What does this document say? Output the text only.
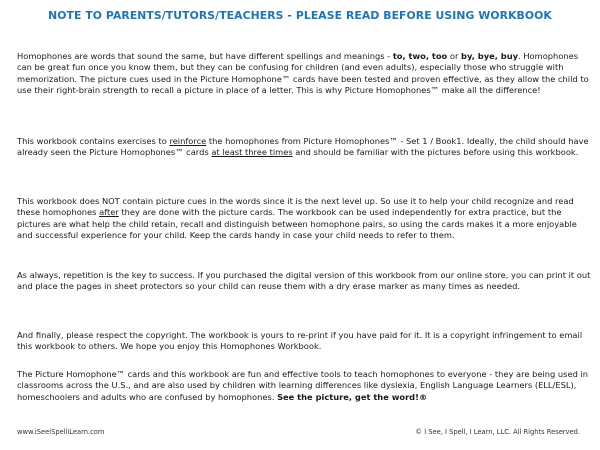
NOTE TO PARENTS/TUTORS/TEACHERS - PLEASE READ BEFORE USING WORKBOOK

Homophones are words that sound the same, but have different spellings and meanings - to, two, too or by, bye, buy. Homophones can be great fun once you know them, but they can be confusing for children (and even adults), especially those who struggle with memorization. The picture cues used in the Picture Homophone™ cards have been tested and proven effective, as they allow the child to use their right-brain strength to recall a picture in place of a letter. This is why Picture Homophones™ make all the difference!

This workbook contains exercises to reinforce the homophones from Picture Homophones™ - Set 1 / Book1. Ideally, the child should have already seen the Picture Homophones™ cards at least three times and should be familiar with the pictures before using this workbook.

This workbook does NOT contain picture cues in the words since it is the next level up. So use it to help your child recognize and read these homophones after they are done with the picture cards. The workbook can be used independently for extra practice, but the pictures are what help the child retain, recall and distinguish between homophone pairs, so using the cards makes it a more enjoyable and successful experience for your child. Keep the cards handy in case your child needs to refer to them.

As always, repetition is the key to success. If you purchased the digital version of this workbook from our online store, you can print it out and place the pages in sheet protectors so your child can reuse them with a dry erase marker as many times as needed.

And finally, please respect the copyright. The workbook is yours to re-print if you have paid for it. It is a copyright infringement to email this workbook to others. We hope you enjoy this Homophones Workbook.

The Picture Homophone™ cards and this workbook are fun and effective tools to teach homophones to everyone - they are being used in classrooms across the U.S., and are also used by children with learning differences like dyslexia, English Language Learners (ELL/ESL), homeschoolers and adults who are confused by homophones. See the picture, get the word!®

www.iSeeiSpelliLearn.com	© I See, I Spell, I Learn, LLC. All Rights Reserved.
